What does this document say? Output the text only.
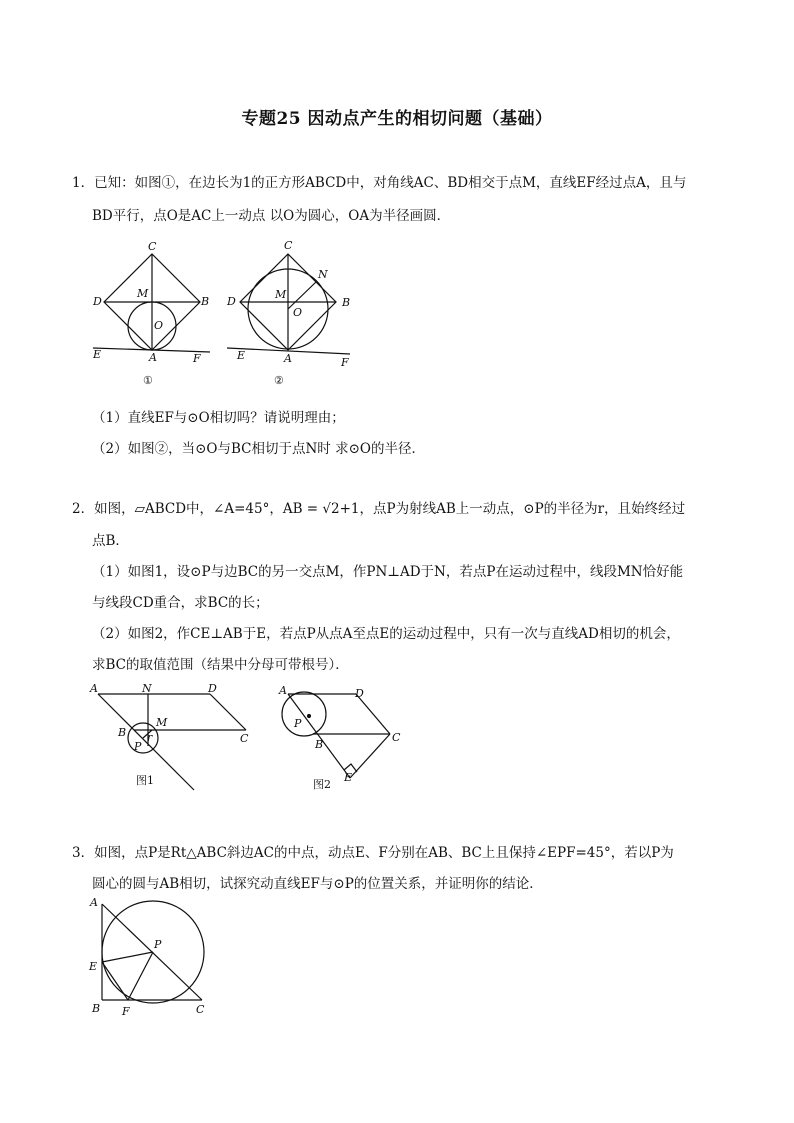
专题25 因动点产生的相切问题（基础）
1．已知：如图①，在边长为1的正方形ABCD中，对角线AC、BD相交于点M，直线EF经过点A，且与
BD平行，点O是AC上一动点 以O为圆心，OA为半径画圆．
C
D	B
M
O
E	A	F
①
C
N
D	B
M
O
E	A	F
②
（1）直线EF与⊙O相切吗？请说明理由；
（2）如图②，当⊙O与BC相切于点N时 求⊙O的半径．
2．如图，▱ABCD中，∠A=45°，AB = √2+1，点P为射线AB上一动点，⊙P的半径为r，且始终经过
点B．
（1）如图1，设⊙P与边BC的另一交点M，作PN⊥AD于N，若点P在运动过程中，线段MN恰好能
与线段CD重合，求BC的长；
（2）如图2，作CE⊥AB于E，若点P从点A至点E的运动过程中，只有一次与直线AD相切的机会，
求BC的取值范围（结果中分母可带根号）．
A	N	D
M
B r
P
C
图1
A	D
P
B
C
E
图2
3．如图，点P是Rt△ABC斜边AC的中点，动点E、F分别在AB、BC上且保持∠EPF=45°，若以P为
圆心的圆与AB相切，试探究动直线EF与⊙P的位置关系，并证明你的结论．
A
P
E
B F	C
